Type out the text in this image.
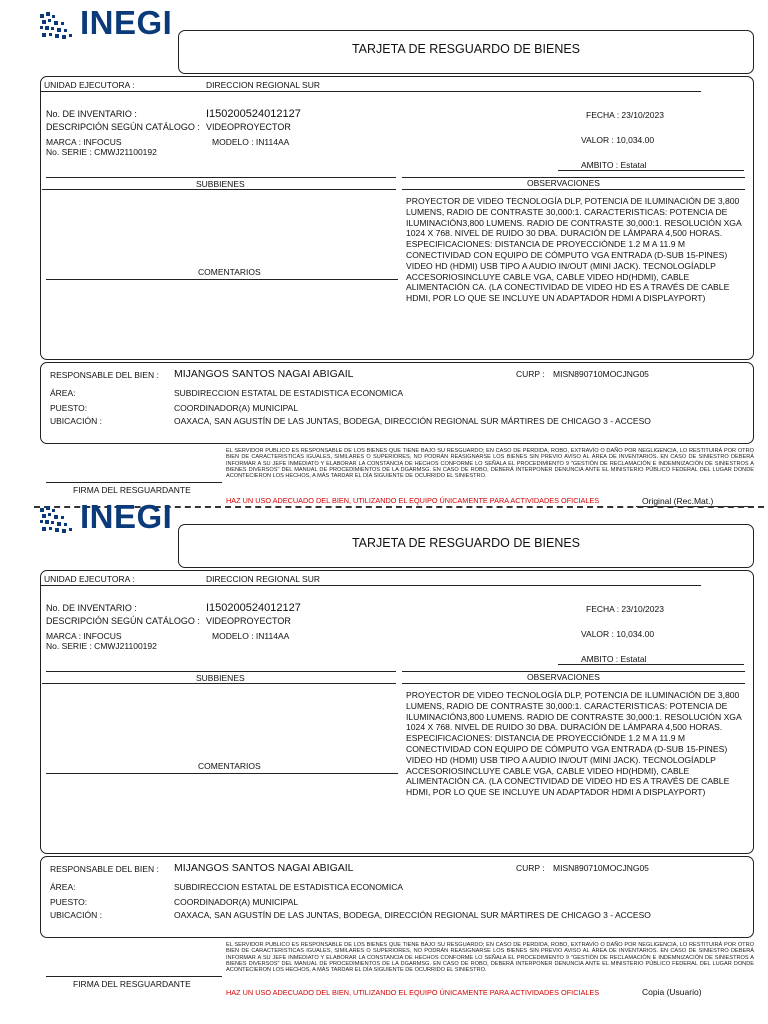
INEGI
TARJETA DE RESGUARDO DE BIENES
UNIDAD EJECUTORA :	DIRECCION REGIONAL SUR
No. DE INVENTARIO :	I150200524012127	FECHA : 23/10/2023
DESCRIPCIÓN SEGÚN CATÁLOGO : VIDEOPROYECTOR
MARCA : INFOCUS	MODELO : IN114AA	VALOR : 10,034.00
No. SERIE : CMWJ21100192
AMBITO : Estatal
SUBBIENES	OBSERVACIONES
PROYECTOR DE VIDEO TECNOLOGÍA DLP, POTENCIA DE ILUMINACIÓN DE 3,800 LUMENS, RADIO DE CONTRASTE 30,000:1. CARACTERISTICAS: POTENCIA DE ILUMINACIÓN3,800 LUMENS. RADIO DE CONTRASTE 30,000:1. RESOLUCIÓN XGA 1024 X 768. NIVEL DE RUIDO 30 DBA. DURACIÓN DE LÁMPARA 4,500 HORAS. ESPECIFICACIONES: DISTANCIA DE PROYECCIÓNDE 1.2 M A 11.9 M CONECTIVIDAD CON EQUIPO DE CÓMPUTO VGA ENTRADA (D-SUB 15-PINES) VIDEO HD (HDMI) USB TIPO A AUDIO IN/OUT (MINI JACK). TECNOLOGÍADLP ACCESORIOSINCLUYE CABLE VGA, CABLE VIDEO HD(HDMI), CABLE ALIMENTACIÓN CA. (LA CONECTIVIDAD DE VIDEO HD ES A TRAVÉS DE CABLE HDMI, POR LO QUE SE INCLUYE UN ADAPTADOR HDMI A DISPLAYPORT)
COMENTARIOS
RESPONSABLE DEL BIEN : MIJANGOS SANTOS NAGAI ABIGAIL	CURP : MISN890710MOCJNG05
ÁREA:	SUBDIRECCION ESTATAL DE ESTADISTICA ECONOMICA
PUESTO:	COORDINADOR(A) MUNICIPAL
UBICACIÓN :	OAXACA, SAN AGUSTÍN DE LAS JUNTAS, BODEGA, DIRECCIÓN REGIONAL SUR MÁRTIRES DE CHICAGO 3 - ACCESO
EL SERVIDOR PUBLICO ES RESPONSABLE DE LOS BIENES QUE TIENE BAJO SU RESGUARDO; EN CASO DE PERDIDA, ROBO, EXTRAVÍO O DAÑO POR NEGLIGENCIA, LO RESTITUIRÁ POR OTRO BIEN DE CARACTERISTICAS IGUALES, SIMILARES O SUPERIORES, NO PODRÁN REASIGNARSE LOS BIENES SIN PREVIO AVISO AL ÁREA DE INVENTARIOS. EN CASO DE SINIESTRO DEBERÁ INFORMAR A SU JEFE INMEDIATO Y ELABORAR LA CONSTANCIA DE HECHOS CONFORME LO SEÑALA EL PROCEDIMIENTO 9 "GESTIÓN DE RECLAMACIÓN E INDEMNIZACIÓN DE SINIESTROS A BIENES DIVERSOS" DEL MANUAL DE PROCEDIMIENTOS DE LA DGARMSG. EN CASO DE ROBO, DEBERÁ INTERPONER DENUNCIA ANTE EL MINISTERIO PÚBLICO FEDERAL DEL LUGAR DONDE ACONTECIERON LOS HECHOS, A MÁS TARDAR EL DÍA SIGUIENTE DE OCURRIDO EL SINIESTRO.
FIRMA DEL RESGUARDANTE
HAZ UN USO ADECUADO DEL BIEN, UTILIZANDO EL EQUIPO ÚNICAMENTE PARA ACTIVIDADES OFICIALES	Original (Rec.Mat.)
INEGI
TARJETA DE RESGUARDO DE BIENES
UNIDAD EJECUTORA :	DIRECCION REGIONAL SUR
No. DE INVENTARIO :	I150200524012127	FECHA : 23/10/2023
DESCRIPCIÓN SEGÚN CATÁLOGO : VIDEOPROYECTOR
MARCA : INFOCUS	MODELO : IN114AA	VALOR : 10,034.00
No. SERIE : CMWJ21100192
AMBITO : Estatal
SUBBIENES	OBSERVACIONES
PROYECTOR DE VIDEO TECNOLOGÍA DLP, POTENCIA DE ILUMINACIÓN DE 3,800 LUMENS, RADIO DE CONTRASTE 30,000:1. CARACTERISTICAS: POTENCIA DE ILUMINACIÓN3,800 LUMENS. RADIO DE CONTRASTE 30,000:1. RESOLUCIÓN XGA 1024 X 768. NIVEL DE RUIDO 30 DBA. DURACIÓN DE LÁMPARA 4,500 HORAS. ESPECIFICACIONES: DISTANCIA DE PROYECCIÓNDE 1.2 M A 11.9 M CONECTIVIDAD CON EQUIPO DE CÓMPUTO VGA ENTRADA (D-SUB 15-PINES) VIDEO HD (HDMI) USB TIPO A AUDIO IN/OUT (MINI JACK). TECNOLOGÍADLP ACCESORIOSINCLUYE CABLE VGA, CABLE VIDEO HD(HDMI), CABLE ALIMENTACIÓN CA. (LA CONECTIVIDAD DE VIDEO HD ES A TRAVÉS DE CABLE HDMI, POR LO QUE SE INCLUYE UN ADAPTADOR HDMI A DISPLAYPORT)
COMENTARIOS
RESPONSABLE DEL BIEN : MIJANGOS SANTOS NAGAI ABIGAIL	CURP : MISN890710MOCJNG05
ÁREA:	SUBDIRECCION ESTATAL DE ESTADISTICA ECONOMICA
PUESTO:	COORDINADOR(A) MUNICIPAL
UBICACIÓN :	OAXACA, SAN AGUSTÍN DE LAS JUNTAS, BODEGA, DIRECCIÓN REGIONAL SUR MÁRTIRES DE CHICAGO 3 - ACCESO
EL SERVIDOR PUBLICO ES RESPONSABLE DE LOS BIENES QUE TIENE BAJO SU RESGUARDO; EN CASO DE PERDIDA, ROBO, EXTRAVÍO O DAÑO POR NEGLIGENCIA, LO RESTITUIRÁ POR OTRO BIEN DE CARACTERISTICAS IGUALES, SIMILARES O SUPERIORES, NO PODRÁN REASIGNARSE LOS BIENES SIN PREVIO AVISO AL ÁREA DE INVENTARIOS. EN CASO DE SINIESTRO DEBERÁ INFORMAR A SU JEFE INMEDIATO Y ELABORAR LA CONSTANCIA DE HECHOS CONFORME LO SEÑALA EL PROCEDIMIENTO 9 "GESTIÓN DE RECLAMACIÓN E INDEMNIZACIÓN DE SINIESTROS A BIENES DIVERSOS" DEL MANUAL DE PROCEDIMIENTOS DE LA DGARMSG. EN CASO DE ROBO, DEBERÁ INTERPONER DENUNCIA ANTE EL MINISTERIO PÚBLICO FEDERAL DEL LUGAR DONDE ACONTECIERON LOS HECHOS, A MÁS TARDAR EL DÍA SIGUIENTE DE OCURRIDO EL SINIESTRO.
FIRMA DEL RESGUARDANTE
HAZ UN USO ADECUADO DEL BIEN, UTILIZANDO EL EQUIPO ÚNICAMENTE PARA ACTIVIDADES OFICIALES	Copia (Usuario)
